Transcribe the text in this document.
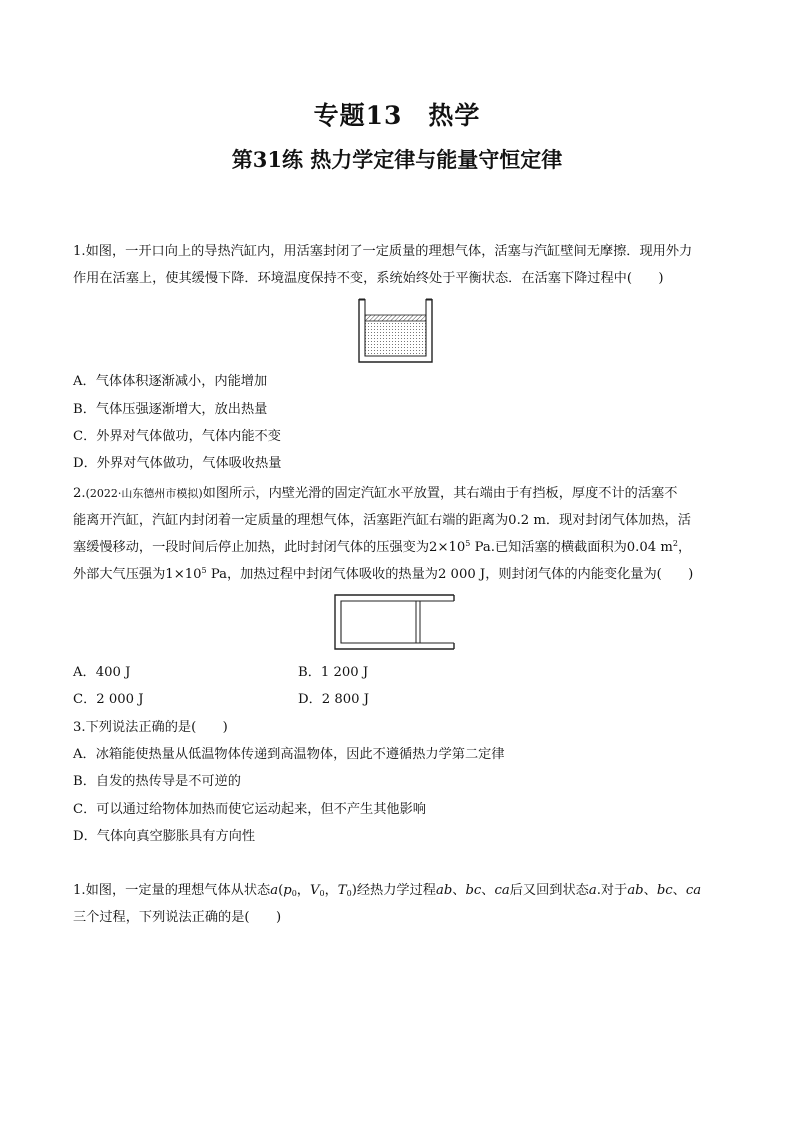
专题13 热学
第31练 热力学定律与能量守恒定律
1.如图，一开口向上的导热汽缸内，用活塞封闭了一定质量的理想气体，活塞与汽缸壁间无摩擦．现用外力
作用在活塞上，使其缓慢下降．环境温度保持不变，系统始终处于平衡状态．在活塞下降过程中(　　)
A．气体体积逐渐减小，内能增加
B．气体压强逐渐增大，放出热量
C．外界对气体做功，气体内能不变
D．外界对气体做功，气体吸收热量
2.(2022·山东德州市模拟)如图所示，内壁光滑的固定汽缸水平放置，其右端由于有挡板，厚度不计的活塞不
能离开汽缸，汽缸内封闭着一定质量的理想气体，活塞距汽缸右端的距离为0.2 m．现对封闭气体加热，活
塞缓慢移动，一段时间后停止加热，此时封闭气体的压强变为$2\times 10^5$ Pa.已知活塞的横截面积为0.04 $m^2$，
外部大气压强为$1\times 10^5$ Pa，加热过程中封闭气体吸收的热量为2 000 J，则封闭气体的内能变化量为(　　)
A．400 J	B．1 200 J
C．2 000 J	D．2 800 J
3.下列说法正确的是(　　)
A．冰箱能使热量从低温物体传递到高温物体，因此不遵循热力学第二定律
B．自发的热传导是不可逆的
C．可以通过给物体加热而使它运动起来，但不产生其他影响
D．气体向真空膨胀具有方向性
1.如图，一定量的理想气体从状态$a(p_0$，$V_0$，$T_0$)经热力学过程ab、bc、ca后又回到状态a.对于ab、bc、ca
三个过程，下列说法正确的是(　　)
